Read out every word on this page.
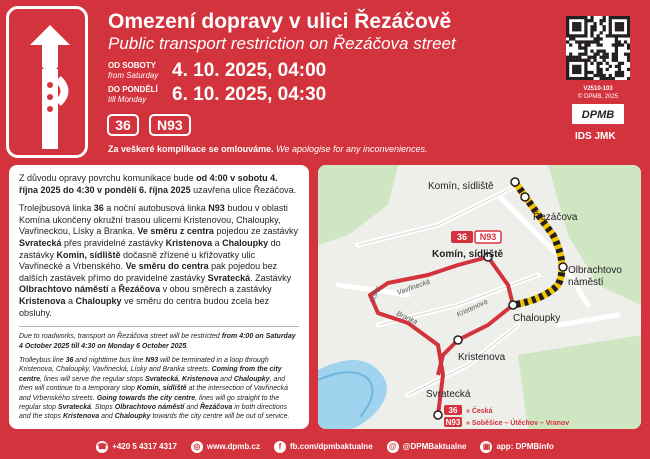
Omezení dopravy v ulici Řezáčově
Public transport restriction on Řezáčova street
OD SOBOTY
from Saturday 4. 10. 2025, 04:00
DO PONDĚLÍ
till Monday	6. 10. 2025, 04:30
36	N93
Za veškeré komplikace se omlouváme. We apologise for any inconveniences.
V2510-103
© DPMB, 2025
DPMB
IDS JMK

Z důvodu opravy povrchu komunikace bude od 4:00 v sobotu 4. října 2025 do 4:30 v pondělí 6. října 2025 uzavřena ulice Řezáčova.

Trolejbusová linka 36 a noční autobusová linka N93 budou v oblasti Komína ukončeny okružní trasou ulicemi Kristenovou, Chaloupky, Vavřineckou, Lísky a Branka. Ve směru z centra pojedou ze zastávky Svratecká přes pravidelné zastávky Kristenova a Chaloupky do zastávky Komín, sídliště dočasně zřízené u křižovatky ulic Vavřinecké a Vrbenského. Ve směru do centra pak pojedou bez dalších zastávek přímo do pravidelné zastávky Svratecká. Zastávky Olbrachtovo náměstí a Řezáčova v obou směrech a zastávky Kristenova a Chaloupky ve směru do centra budou zcela bez obsluhy.

Due to roadworks, transport on Řezáčova street will be restricted from 4:00 on Saturday 4 October 2025 till 4:30 on Monday 6 October 2025.

Trolleybus line 36 and nighttime bus line N93 will be terminated in a loop through Kristenova, Chaloupky, Vavřinecká, Lísky and Branka streets. Coming from the city centre, lines will serve the regular stops Svratecká, Kristenova and Chaloupky, and then will continue to a temporary stop Komín, sídliště at the intersection of Vavřinecká and Vrbenského streets. Going towards the city centre, lines will go straight to the regular stop Svratecká. Stops Olbrachtovo náměstí and Řezáčova in both directions and the stops Kristenova and Chaloupky towards the city centre will be out of service.

Komín, sídliště
Řezáčova
Olbrachtovo
náměstí
Chaloupky
Kristenova
Svratecká
Komín, sídliště
Lísky Vavřinecká
Branka	Kristenova
36 N93
36 » Česká
N93 » Soběšice – Útěchov – Vranov
☎ +420 5 4317 4317	◎ www.dpmb.cz	f	fb.com/dpmbaktualne @ @DPMBaktualne ▣ app: DPMBinfo
